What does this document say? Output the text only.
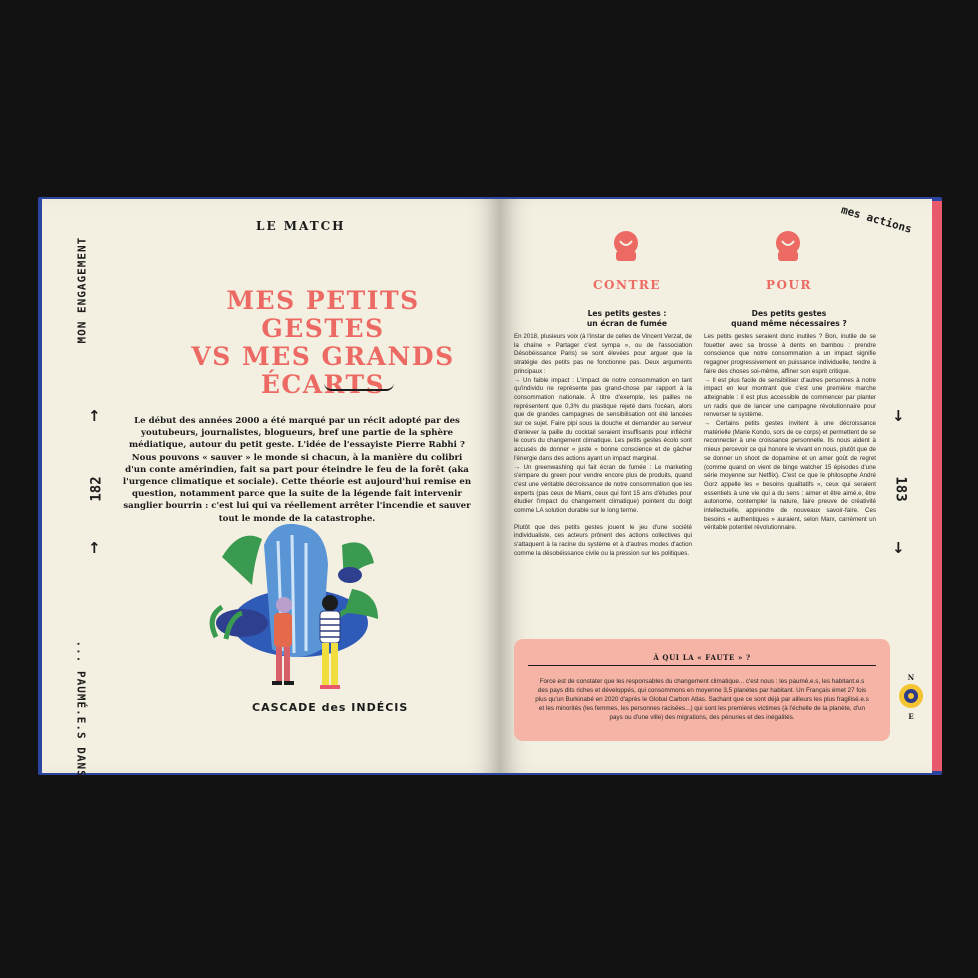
MON ENGAGEMENT
... PAUMÉ.E.S DANS
↑
182
↑
LE MATCH
MES PETITS
GESTES
VS MES GRANDS
ÉCARTS
Le début des années 2000 a été marqué par un récit adopté par des youtubeurs, journalistes, blogueurs, bref une partie de la sphère médiatique, autour du petit geste. L'idée de l'essayiste Pierre Rabhi ? Nous pouvons « sauver » le monde si chacun, à la manière du colibri d'un conte amérindien, fait sa part pour éteindre le feu de la forêt (aka l'urgence climatique et sociale). Cette théorie est aujourd'hui remise en question, notamment parce que la suite de la légende fait intervenir sanglier bourrin : c'est lui qui va réellement arrêter l'incendie et sauver tout le monde de la catastrophe.
CASCADE des INDÉCIS
mes actions
↓
183
↓
CONTRE
Les petits gestes :
un écran de fumée

En 2018, plusieurs voix (à l'instar de celles de Vincent Verzat, de la chaîne « Partager c'est sympa », ou de l'association Désobéissance Paris) se sont élevées pour arguer que la stratégie des petits pas ne fonctionne pas. Deux arguments principaux :

→ Un faible impact : L'impact de notre consommation en tant qu'individu ne représente pas grand-chose par rapport à la consommation nationale. À titre d'exemple, les pailles ne représentent que 0,3% du plastique rejeté dans l'océan, alors que de grandes campagnes de sensibilisation ont été lancées sur ce sujet. Faire pipi sous la douche et demander au serveur d'enlever la paille du cocktail seraient insuffisants pour infléchir le cours du changement climatique. Les petits gestes écolo sont accusés de donner « juste » bonne conscience et de gâcher l'énergie dans des actions ayant un impact marginal.

→ Un greenwashing qui fait écran de fumée : Le marketing s'empare du green pour vendre encore plus de produits, quand c'est une véritable décroissance de notre consommation que les experts (pas ceux de Miami, ceux qui font 15 ans d'études pour étudier l'impact du changement climatique) pointent du doigt comme LA solution durable sur le long terme.

Plutôt que des petits gestes jouent le jeu d'une société individualiste, ces acteurs prônent des actions collectives qui s'attaquent à la racine du système et à d'autres modes d'action comme la désobéissance civile ou la pression sur les politiques.

POUR
Des petits gestes
quand même nécessaires ?

Les petits gestes seraient donc inutiles ? Bon, inutile de se fouetter avec sa brosse à dents en bambou : prendre conscience que notre consommation a un impact signifie regagner progressivement en puissance individuelle, tendre à faire des choses soi-même, affiner son esprit critique.

→ Il est plus facile de sensibiliser d'autres personnes à notre impact en leur montrant que c'est une première marche atteignable : il est plus accessible de commencer par planter un radis que de lancer une campagne révolutionnaire pour renverser le système.

→ Certains petits gestes invitent à une décroissance matérielle (Marie Kondo, sors de ce corps) et permettent de se reconnecter à une croissance personnelle. Ils nous aident à mieux percevoir ce qui honore le vivant en nous, plutôt que de se donner un shoot de dopamine et un amer goût de regret (comme quand on vient de binge watcher 15 épisodes d'une série moyenne sur Netflix). C'est ce que le philosophe André Gorz appelle les « besoins qualitatifs », ceux qui seraient essentiels à une vie qui a du sens : aimer et être aimé.e, être autonome, contempler la nature, faire preuve de créativité intellectuelle, apprendre de nouveaux savoir-faire. Ces besoins « authentiques » auraient, selon Marx, carrément un véritable potentiel révolutionnaire.

À QUI LA « FAUTE » ?
Force est de constater que les responsables du changement climatique... c'est nous : les paumé.e.s, les habitant.e.s des pays dits riches et développés, qui consommons en moyenne 3,5 planètes par habitant. Un Français émet 27 fois plus qu'un Burkinabé en 2020 d'après le Global Carbon Atlas. Sachant que ce sont déjà par ailleurs les plus fragilisé.e.s et les minorités (les femmes, les personnes racisées...) qui sont les premières victimes (à l'échelle de la planète, d'un pays ou d'une ville) des migrations, des pénuries et des inégalités.
N
E
